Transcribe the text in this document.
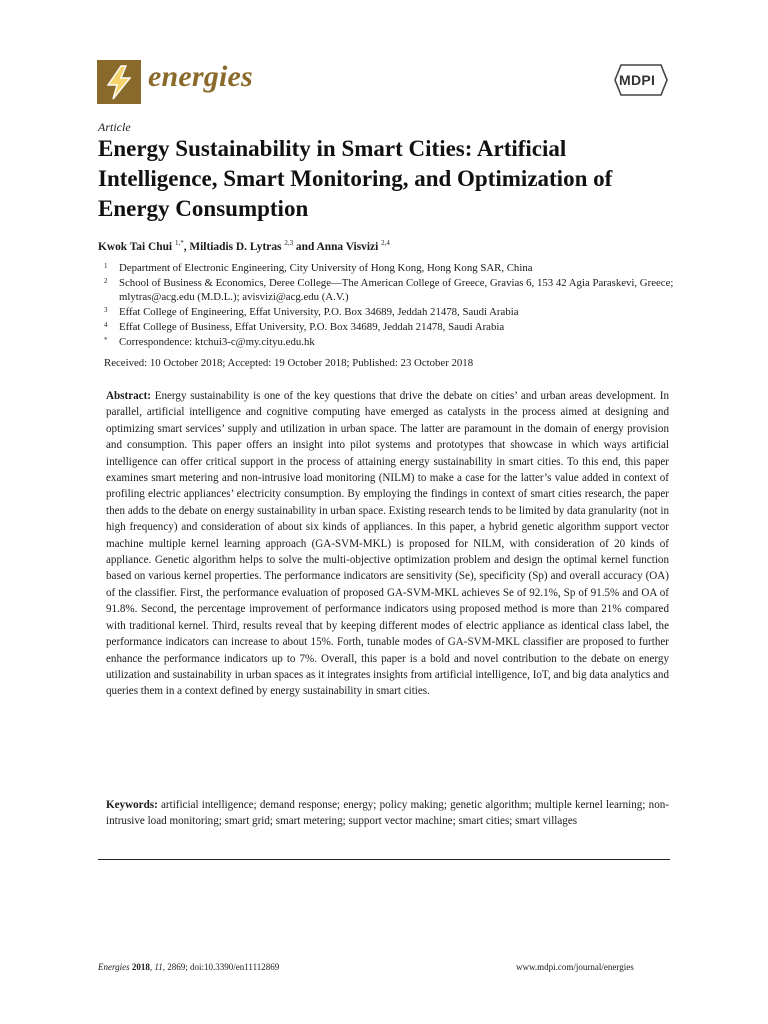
energies	MDPI
Article
Energy Sustainability in Smart Cities: Artificial Intelligence, Smart Monitoring, and Optimization of Energy Consumption
Kwok Tai Chui $^{1,*}$, Miltiadis D. Lytras $^{2,3}$ and Anna Visvizi $^{2,4}$
1 Department of Electronic Engineering, City University of Hong Kong, Hong Kong SAR, China
2 School of Business & Economics, Deree College—The American College of Greece, Gravias 6, 153 42 Agia Paraskevi, Greece; mlytras@acg.edu (M.D.L.); avisvizi@acg.edu (A.V.)
3 Effat College of Engineering, Effat University, P.O. Box 34689, Jeddah 21478, Saudi Arabia
4 Effat College of Business, Effat University, P.O. Box 34689, Jeddah 21478, Saudi Arabia
* Correspondence: ktchui3-c@my.cityu.edu.hk
Received: 10 October 2018; Accepted: 19 October 2018; Published: 23 October 2018
Abstract: Energy sustainability is one of the key questions that drive the debate on cities’ and urban areas development. In parallel, artificial intelligence and cognitive computing have emerged as catalysts in the process aimed at designing and optimizing smart services’ supply and utilization in urban space. The latter are paramount in the domain of energy provision and consumption. This paper offers an insight into pilot systems and prototypes that showcase in which ways artificial intelligence can offer critical support in the process of attaining energy sustainability in smart cities. To this end, this paper examines smart metering and non-intrusive load monitoring (NILM) to make a case for the latter’s value added in context of profiling electric appliances’ electricity consumption. By employing the findings in context of smart cities research, the paper then adds to the debate on energy sustainability in urban space. Existing research tends to be limited by data granularity (not in high frequency) and consideration of about six kinds of appliances. In this paper, a hybrid genetic algorithm support vector machine multiple kernel learning approach (GA-SVM-MKL) is proposed for NILM, with consideration of 20 kinds of appliance. Genetic algorithm helps to solve the multi-objective optimization problem and design the optimal kernel function based on various kernel properties. The performance indicators are sensitivity (Se), specificity (Sp) and overall accuracy (OA) of the classifier. First, the performance evaluation of proposed GA-SVM-MKL achieves Se of 92.1%, Sp of 91.5% and OA of 91.8%. Second, the percentage improvement of performance indicators using proposed method is more than 21% compared with traditional kernel. Third, results reveal that by keeping different modes of electric appliance as identical class label, the performance indicators can increase to about 15%. Forth, tunable modes of GA-SVM-MKL classifier are proposed to further enhance the performance indicators up to 7%. Overall, this paper is a bold and novel contribution to the debate on energy utilization and sustainability in urban spaces as it integrates insights from artificial intelligence, IoT, and big data analytics and queries them in a context defined by energy sustainability in smart cities.
Keywords: artificial intelligence; demand response; energy; policy making; genetic algorithm; multiple kernel learning; non-intrusive load monitoring; smart grid; smart metering; support vector machine; smart cities; smart villages
Energies 2018, 11, 2869; doi:10.3390/en11112869	www.mdpi.com/journal/energies
